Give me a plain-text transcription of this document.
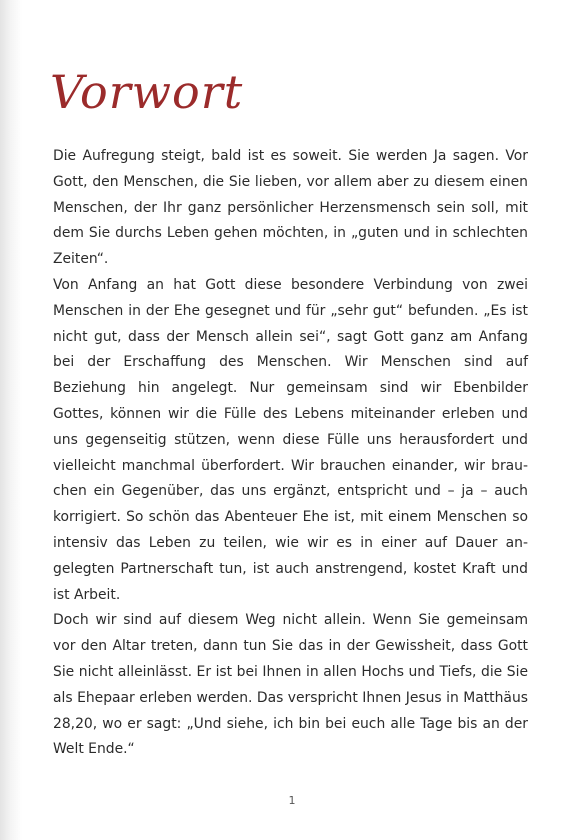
Vorwort

Die Aufregung steigt, bald ist es soweit. Sie werden Ja sagen. Vor Gott, den Menschen, die Sie lieben, vor allem aber zu diesem einen Menschen, der Ihr ganz persönlicher Herzensmensch sein soll, mit dem Sie durchs Leben gehen möchten, in „guten und in schlechten Zeiten“.

Von Anfang an hat Gott diese besondere Verbindung von zwei Menschen in der Ehe gesegnet und für „sehr gut“ befunden. „Es ist nicht gut, dass der Mensch allein sei“, sagt Gott ganz am Anfang bei der Erschaffung des Menschen. Wir Menschen sind auf Beziehung hin angelegt. Nur gemeinsam sind wir Ebenbilder Gottes, können wir die Fülle des Lebens miteinander erleben und uns gegenseitig stützen, wenn diese Fülle uns herausfordert und vielleicht manchmal überfordert. Wir brauchen einander, wir brauchen ein Gegenüber, das uns ergänzt, entspricht und – ja – auch korrigiert. So schön das Abenteuer Ehe ist, mit einem Menschen so intensiv das Leben zu teilen, wie wir es in einer auf Dauer angelegten Partnerschaft tun, ist auch anstrengend, kostet Kraft und ist Arbeit.

Doch wir sind auf diesem Weg nicht allein. Wenn Sie gemeinsam vor den Altar treten, dann tun Sie das in der Gewissheit, dass Gott Sie nicht alleinlässt. Er ist bei Ihnen in allen Hochs und Tiefs, die Sie als Ehepaar erleben werden. Das verspricht Ihnen Jesus in Matthäus 28,20, wo er sagt: „Und siehe, ich bin bei euch alle Tage bis an der Welt Ende.“

1
